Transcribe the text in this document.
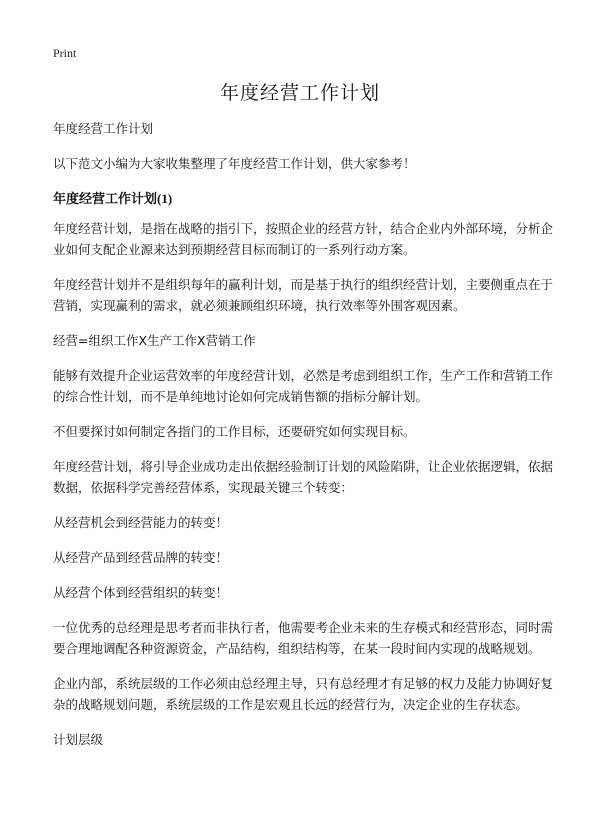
Print
年度经营工作计划

年度经营工作计划

以下范文小编为大家收集整理了年度经营工作计划，供大家参考！

年度经营工作计划(1)

年度经营计划，是指在战略的指引下，按照企业的经营方针，结合企业内外部环境，分析企业如何支配企业源来达到预期经营目标而制订的一系列行动方案。

年度经营计划并不是组织每年的赢利计划，而是基于执行的组织经营计划，主要侧重点在于营销，实现赢利的需求，就必须兼顾组织环境，执行效率等外围客观因素。

经营=组织工作X生产工作X营销工作

能够有效提升企业运营效率的年度经营计划，必然是考虑到组织工作，生产工作和营销工作的综合性计划，而不是单纯地讨论如何完成销售额的指标分解计划。

不但要探讨如何制定各指门的工作目标，还要研究如何实现目标。

年度经营计划，将引导企业成功走出依据经验制订计划的风险陷阱，让企业依据逻辑，依据数据，依据科学完善经营体系，实现最关键三个转变：

从经营机会到经营能力的转变！

从经营产品到经营品牌的转变！

从经营个体到经营组织的转变！

一位优秀的总经理是思考者而非执行者，他需要考企业未来的生存模式和经营形态，同时需要合理地调配各种资源资金，产品结构，组织结构等，在某一段时间内实现的战略规划。

企业内部，系统层级的工作必须由总经理主导，只有总经理才有足够的权力及能力协调好复杂的战略规划问题，系统层级的工作是宏观且长远的经营行为，决定企业的生存状态。

计划层级
